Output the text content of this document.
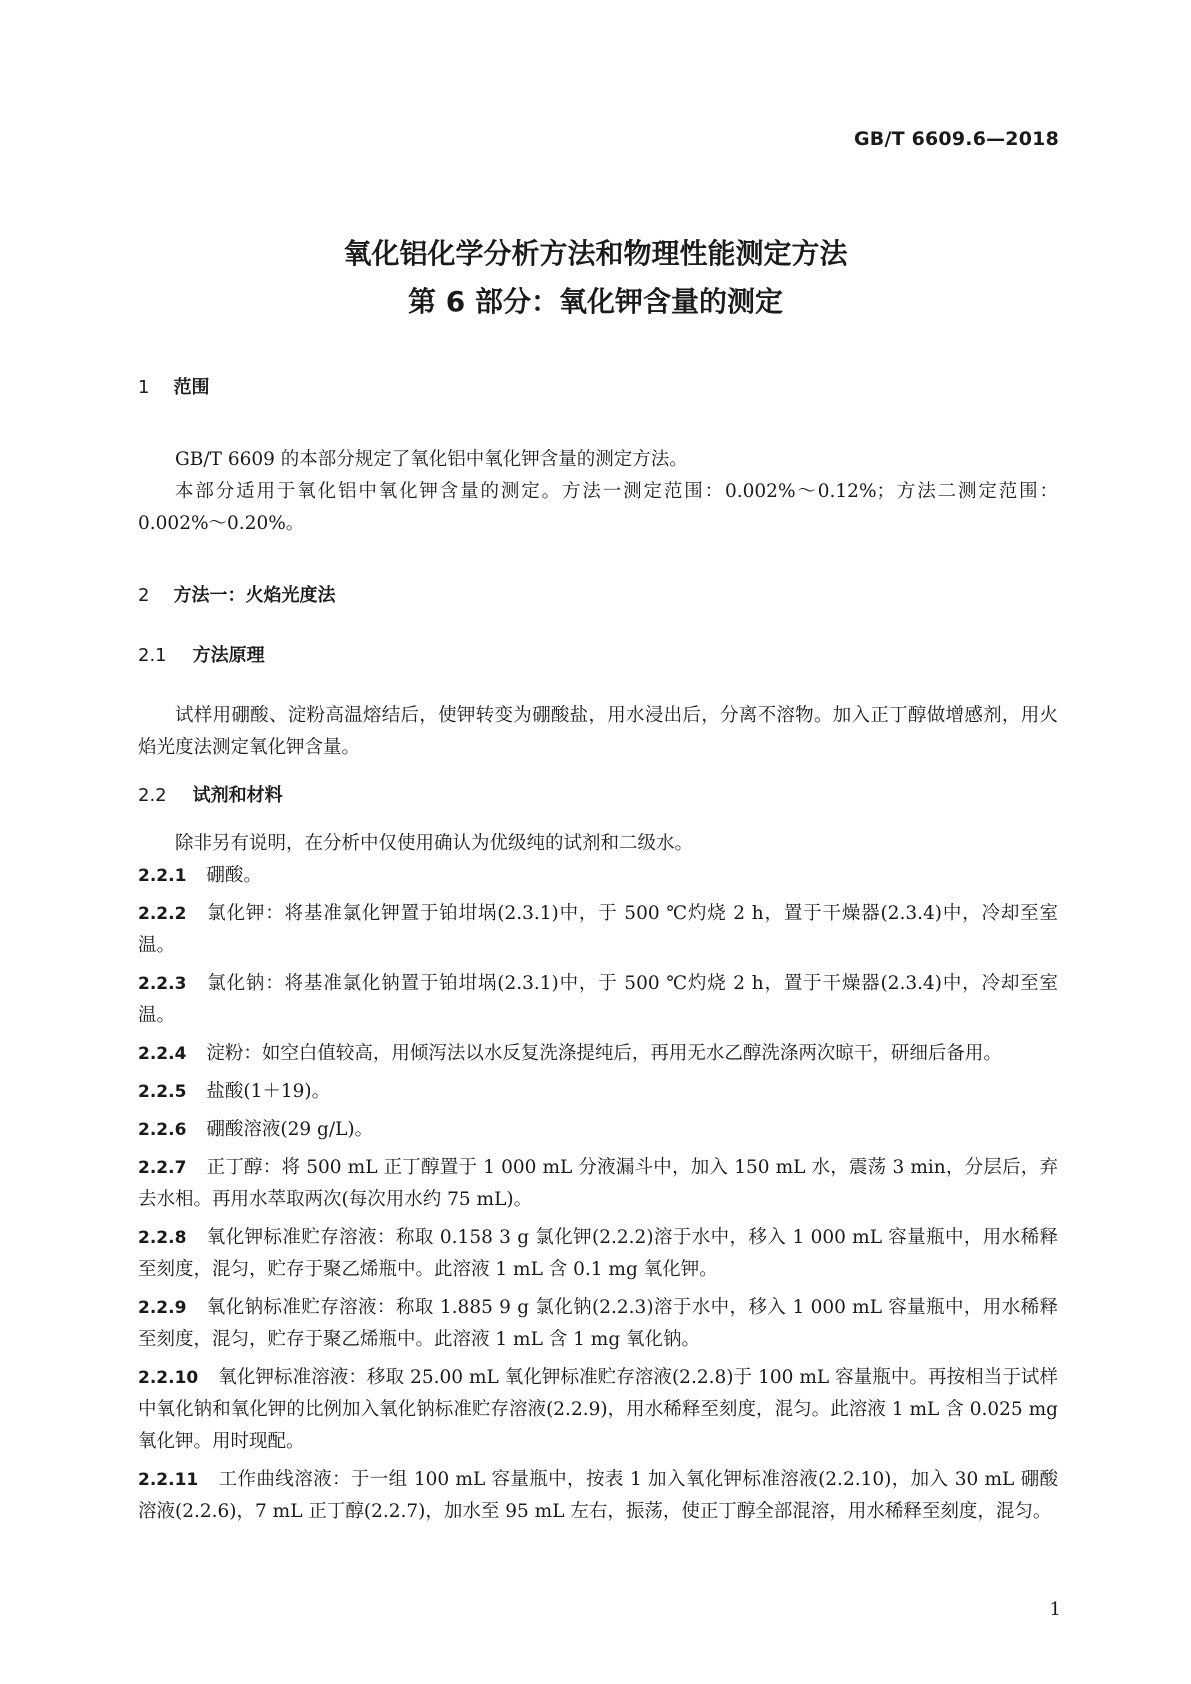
GB/T 6609.6—2018
氧化铝化学分析方法和物理性能测定方法
第 6 部分：氧化钾含量的测定
1 范围
GB/T 6609 的本部分规定了氧化铝中氧化钾含量的测定方法。
本部分适用于氧化铝中氧化钾含量的测定。方法一测定范围：0.002%～0.12%；方法二测定范围：0.002%～0.20%。
2 方法一：火焰光度法
2.1 方法原理
试样用硼酸、淀粉高温熔结后，使钾转变为硼酸盐，用水浸出后，分离不溶物。加入正丁醇做增感剂，用火焰光度法测定氧化钾含量。
2.2 试剂和材料
除非另有说明，在分析中仅使用确认为优级纯的试剂和二级水。
2.2.1 硼酸。
2.2.2 氯化钾：将基准氯化钾置于铂坩埚(2.3.1)中，于 500 ℃灼烧 2 h，置于干燥器(2.3.4)中，冷却至室温。
2.2.3 氯化钠：将基准氯化钠置于铂坩埚(2.3.1)中，于 500 ℃灼烧 2 h，置于干燥器(2.3.4)中，冷却至室温。
2.2.4 淀粉：如空白值较高，用倾泻法以水反复洗涤提纯后，再用无水乙醇洗涤两次晾干，研细后备用。
2.2.5 盐酸(1＋19)。
2.2.6 硼酸溶液(29 g/L)。
2.2.7 正丁醇：将 500 mL 正丁醇置于 1 000 mL 分液漏斗中，加入 150 mL 水，震荡 3 min，分层后，弃去水相。再用水萃取两次(每次用水约 75 mL)。
2.2.8 氧化钾标准贮存溶液：称取 0.158 3 g 氯化钾(2.2.2)溶于水中，移入 1 000 mL 容量瓶中，用水稀释至刻度，混匀，贮存于聚乙烯瓶中。此溶液 1 mL 含 0.1 mg 氧化钾。
2.2.9 氧化钠标准贮存溶液：称取 1.885 9 g 氯化钠(2.2.3)溶于水中，移入 1 000 mL 容量瓶中，用水稀释至刻度，混匀，贮存于聚乙烯瓶中。此溶液 1 mL 含 1 mg 氧化钠。
2.2.10 氧化钾标准溶液：移取 25.00 mL 氧化钾标准贮存溶液(2.2.8)于 100 mL 容量瓶中。再按相当于试样中氧化钠和氧化钾的比例加入氧化钠标准贮存溶液(2.2.9)，用水稀释至刻度，混匀。此溶液 1 mL 含 0.025 mg 氧化钾。用时现配。
2.2.11 工作曲线溶液：于一组 100 mL 容量瓶中，按表 1 加入氧化钾标准溶液(2.2.10)，加入 30 mL 硼酸溶液(2.2.6)，7 mL 正丁醇(2.2.7)，加水至 95 mL 左右，振荡，使正丁醇全部混溶，用水稀释至刻度，混匀。
1
